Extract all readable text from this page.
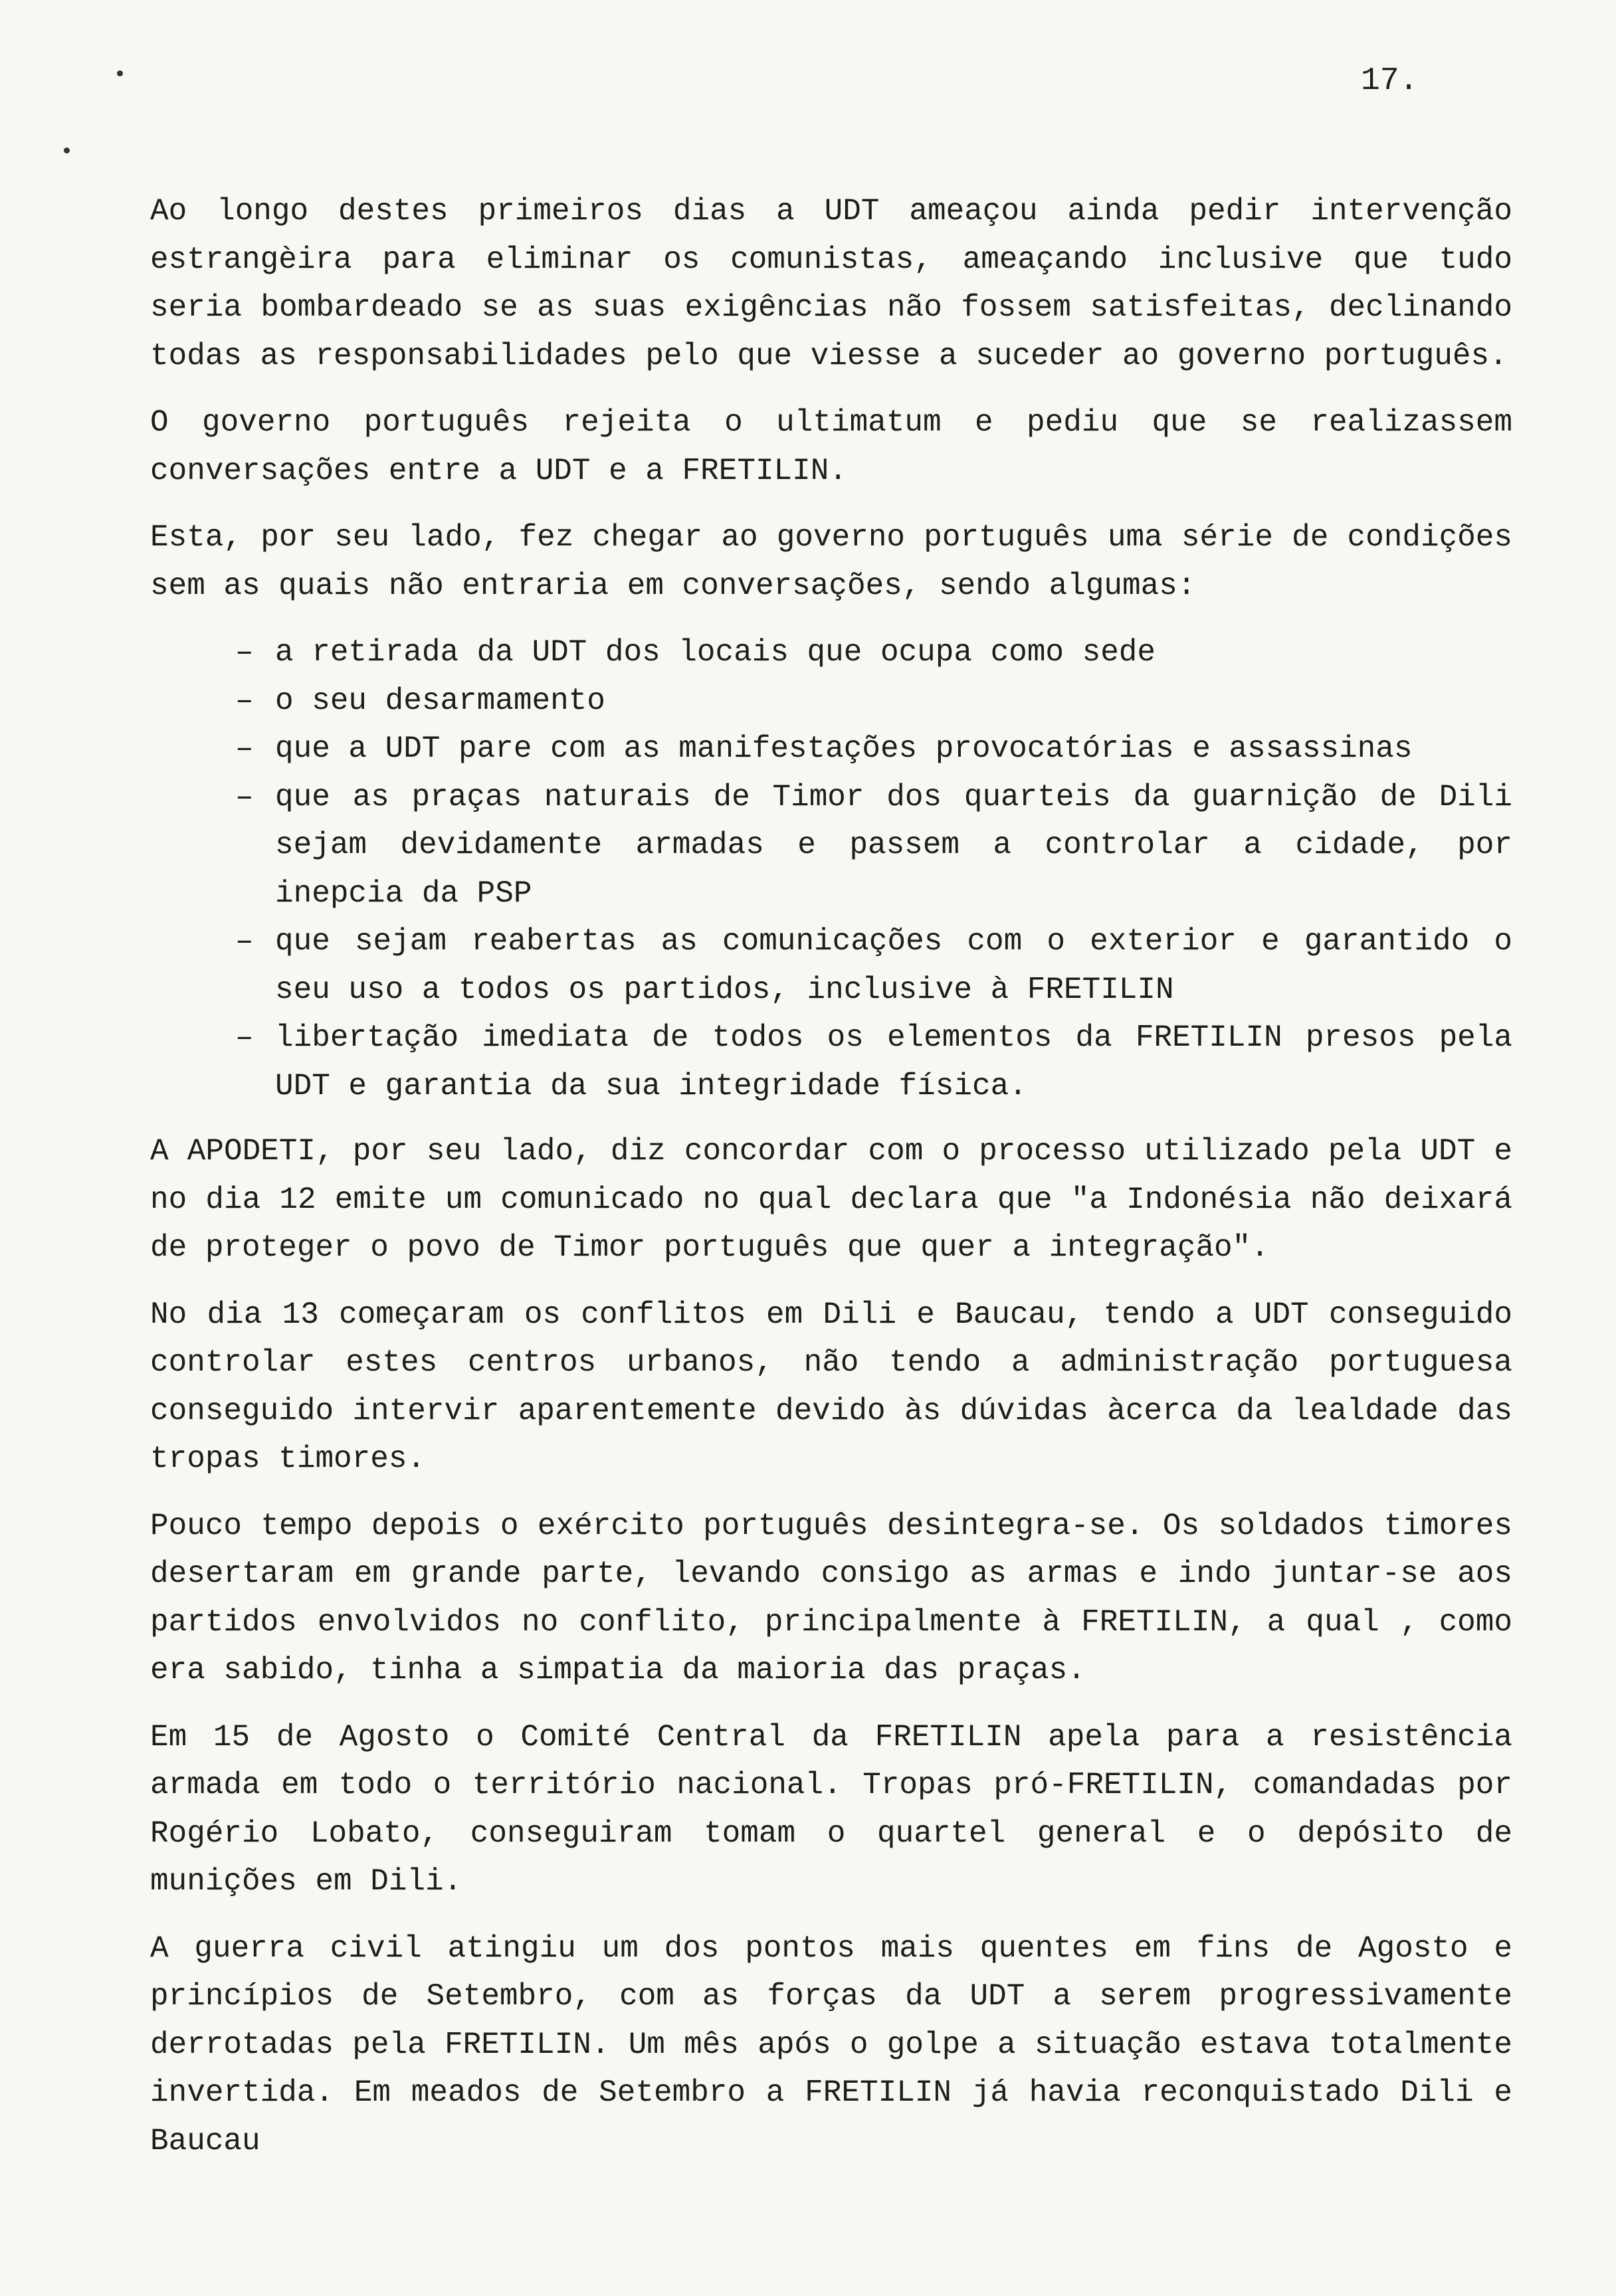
17.

Ao longo destes primeiros dias a UDT ameaçou ainda pedir intervenção estrangèira para eliminar os comunistas, ameaçando inclusive que tudo seria bombardeado se as suas exigências não fossem satisfeitas, declinando todas as responsabilidades pelo que viesse a suceder ao governo português.

O governo português rejeita o ultimatum e pediu que se realizassem conversações entre a UDT e a FRETILIN.

Esta, por seu lado, fez chegar ao governo português uma série de condições sem as quais não entraria em conversações, sendo algumas:

– a retirada da UDT dos locais que ocupa como sede
– o seu desarmamento
– que a UDT pare com as manifestações provocatórias e assassinas
– que as praças naturais de Timor dos quarteis da guarnição de Dili sejam devidamente armadas e passem a controlar a cidade, por inepcia da PSP
– que sejam reabertas as comunicações com o exterior e garantido o seu uso a todos os partidos, inclusive à FRETILIN
– libertação imediata de todos os elementos da FRETILIN presos pela UDT e garantia da sua integridade física.

A APODETI, por seu lado, diz concordar com o processo utilizado pela UDT e no dia 12 emite um comunicado no qual declara que "a Indonésia não deixará de proteger o povo de Timor português que quer a integração".

No dia 13 começaram os conflitos em Dili e Baucau, tendo a UDT conseguido controlar estes centros urbanos, não tendo a administração portuguesa conseguido intervir aparentemente devido às dúvidas àcerca da lealdade das tropas timores.

Pouco tempo depois o exército português desintegra-se. Os soldados timores desertaram em grande parte, levando consigo as armas e indo juntar-se aos partidos envolvidos no conflito, principalmente à FRETILIN, a qual , como era sabido, tinha a simpatia da maioria das praças.

Em 15 de Agosto o Comité Central da FRETILIN apela para a resistência armada em todo o território nacional. Tropas pró-FRETILIN, comandadas por Rogério Lobato, conseguiram tomam o quartel general e o depósito de munições em Dili.

A guerra civil atingiu um dos pontos mais quentes em fins de Agosto e princípios de Setembro, com as forças da UDT a serem progressivamente derrotadas pela FRETILIN. Um mês após o golpe a situação estava totalmente invertida. Em meados de Setembro a FRETILIN já havia reconquistado Dili e Baucau
